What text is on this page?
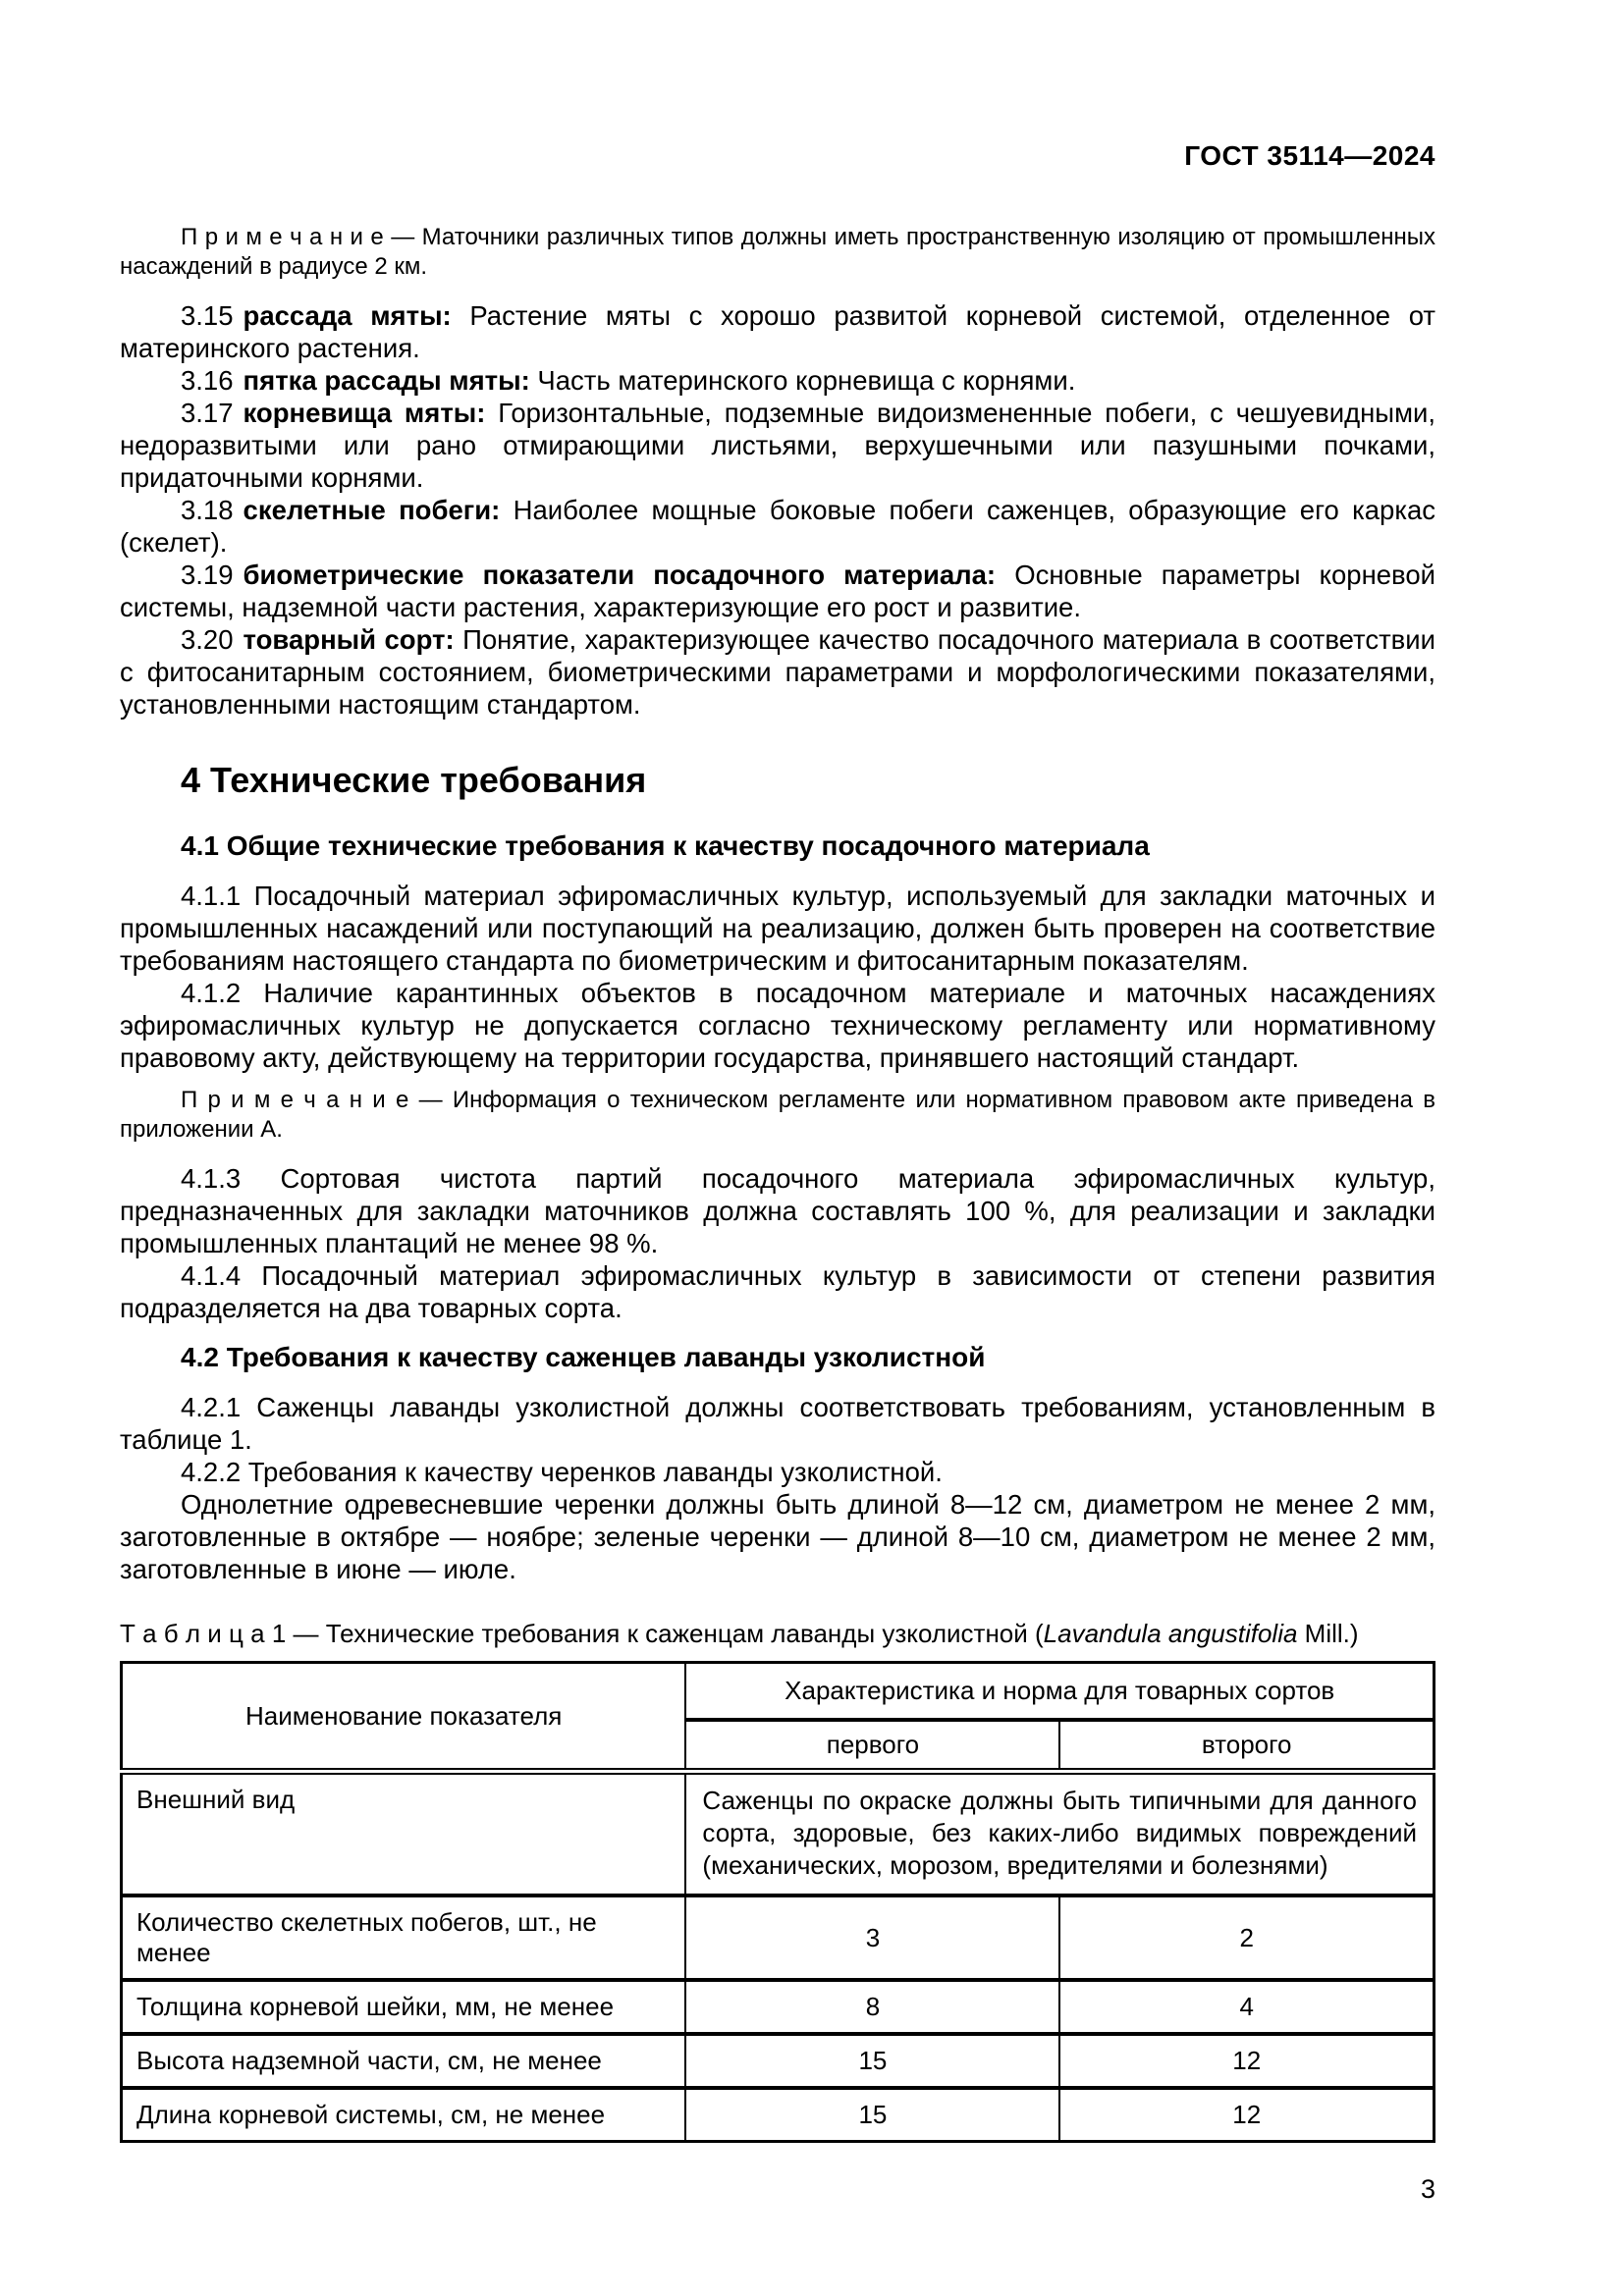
ГОСТ 35114—2024

П р и м е ч а н и е — Маточники различных типов должны иметь пространственную изоляцию от промышленных насаждений в радиусе 2 км.

3.15 рассада мяты: Растение мяты с хорошо развитой корневой системой, отделенное от материнского растения.

3.16 пятка рассады мяты: Часть материнского корневища с корнями.

3.17 корневища мяты: Горизонтальные, подземные видоизмененные побеги, с чешуевидными, недоразвитыми или рано отмирающими листьями, верхушечными или пазушными почками, придаточными корнями.

3.18 скелетные побеги: Наиболее мощные боковые побеги саженцев, образующие его каркас (скелет).

3.19 биометрические показатели посадочного материала: Основные параметры корневой системы, надземной части растения, характеризующие его рост и развитие.

3.20 товарный сорт: Понятие, характеризующее качество посадочного материала в соответствии с фитосанитарным состоянием, биометрическими параметрами и морфологическими показателями, установленными настоящим стандартом.

4 Технические требования
4.1 Общие технические требования к качеству посадочного материала

4.1.1 Посадочный материал эфиромасличных культур, используемый для закладки маточных и промышленных насаждений или поступающий на реализацию, должен быть проверен на соответствие требованиям настоящего стандарта по биометрическим и фитосанитарным показателям.

4.1.2 Наличие карантинных объектов в посадочном материале и маточных насаждениях эфиромасличных культур не допускается согласно техническому регламенту или нормативному правовому акту, действующему на территории государства, принявшего настоящий стандарт.

П р и м е ч а н и е — Информация о техническом регламенте или нормативном правовом акте приведена в приложении А.

4.1.3 Сортовая чистота партий посадочного материала эфиромасличных культур, предназначенных для закладки маточников должна составлять 100 %, для реализации и закладки промышленных плантаций не менее 98 %.

4.1.4 Посадочный материал эфиромасличных культур в зависимости от степени развития подразделяется на два товарных сорта.

4.2 Требования к качеству саженцев лаванды узколистной

4.2.1 Саженцы лаванды узколистной должны соответствовать требованиям, установленным в таблице 1.

4.2.2 Требования к качеству черенков лаванды узколистной.

Однолетние одревесневшие черенки должны быть длиной 8—12 см, диаметром не менее 2 мм, заготовленные в октябре — ноябре; зеленые черенки — длиной 8—10 см, диаметром не менее 2 мм, заготовленные в июне — июле.

Т а б л и ц а 1 — Технические требования к саженцам лаванды узколистной (Lavandula angustifolia Mill.)
Наименование показателя	Характеристика и норма для товарных сортов	
	первого	второго
Внешний вид	Саженцы по окраске должны быть типичными для данного сорта, здоровые, без каких-либо видимых повреждений (механических, морозом, вредителями и болезнями)	
Количество скелетных побегов, шт., не менее	3	2
Толщина корневой шейки, мм, не менее	8	4
Высота надземной части, см, не менее	15	12
Длина корневой системы, см, не менее	15	12
3
